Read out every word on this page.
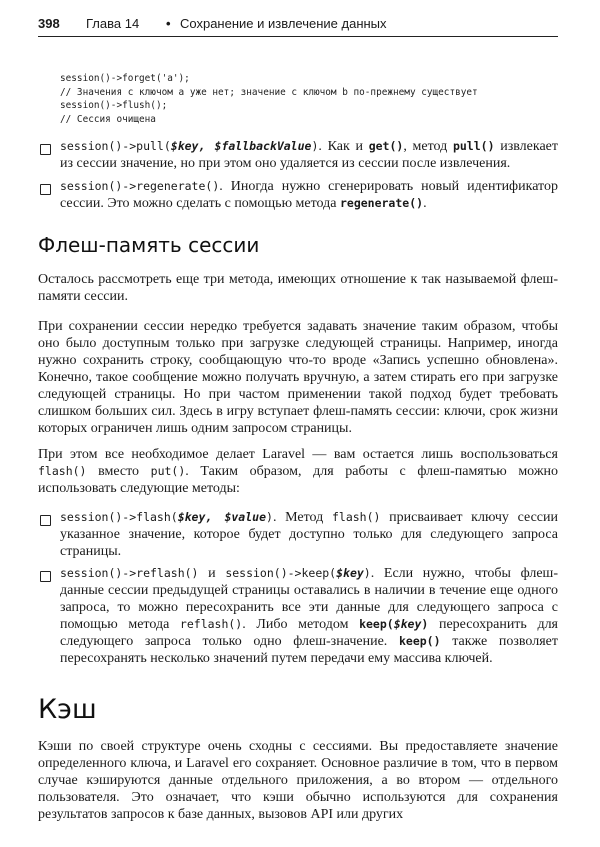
398 Глава 14 • Сохранение и извлечение данных
session()->forget('a');
// Значения с ключом a уже нет; значение с ключом b по-прежнему существует
session()->flush();
// Сессия очищена
session()->pull($key, $fallbackValue). Как и get(), метод pull() извлекает из сессии значение, но при этом оно удаляется из сессии после извлечения.
session()->regenerate(). Иногда нужно сгенерировать новый идентификатор сессии. Это можно сделать с помощью метода regenerate().
Флеш-память сессии
Осталось рассмотреть еще три метода, имеющих отношение к так называемой флеш-памяти сессии.
При сохранении сессии нередко требуется задавать значение таким образом, чтобы оно было доступным только при загрузке следующей страницы. Например, иногда нужно сохранить строку, сообщающую что-то вроде «Запись успешно обновлена». Конечно, такое сообщение можно получать вручную, а затем стирать его при загрузке следующей страницы. Но при частом применении такой подход будет требовать слишком больших сил. Здесь в игру вступает флеш-память сессии: ключи, срок жизни которых ограничен лишь одним запросом страницы.
При этом все необходимое делает Laravel — вам остается лишь воспользоваться flash() вместо put(). Таким образом, для работы с флеш-памятью можно использовать следующие методы:
session()->flash($key, $value). Метод flash() присваивает ключу сессии указанное значение, которое будет доступно только для следующего запроса страницы.
session()->reflash() и session()->keep($key). Если нужно, чтобы флеш-данные сессии предыдущей страницы оставались в наличии в течение еще одного запроса, то можно пересохранить все эти данные для следующего запроса с помощью метода reflash(). Либо методом keep($key) пересохранить для следующего запроса только одно флеш-значение. keep() также позволяет пересохранять несколько значений путем передачи ему массива ключей.
Кэш
Кэши по своей структуре очень сходны с сессиями. Вы предоставляете значение определенного ключа, и Laravel его сохраняет. Основное различие в том, что в первом случае кэшируются данные отдельного приложения, а во втором — отдельного пользователя. Это означает, что кэши обычно используются для сохранения результатов запросов к базе данных, вызовов API или других
